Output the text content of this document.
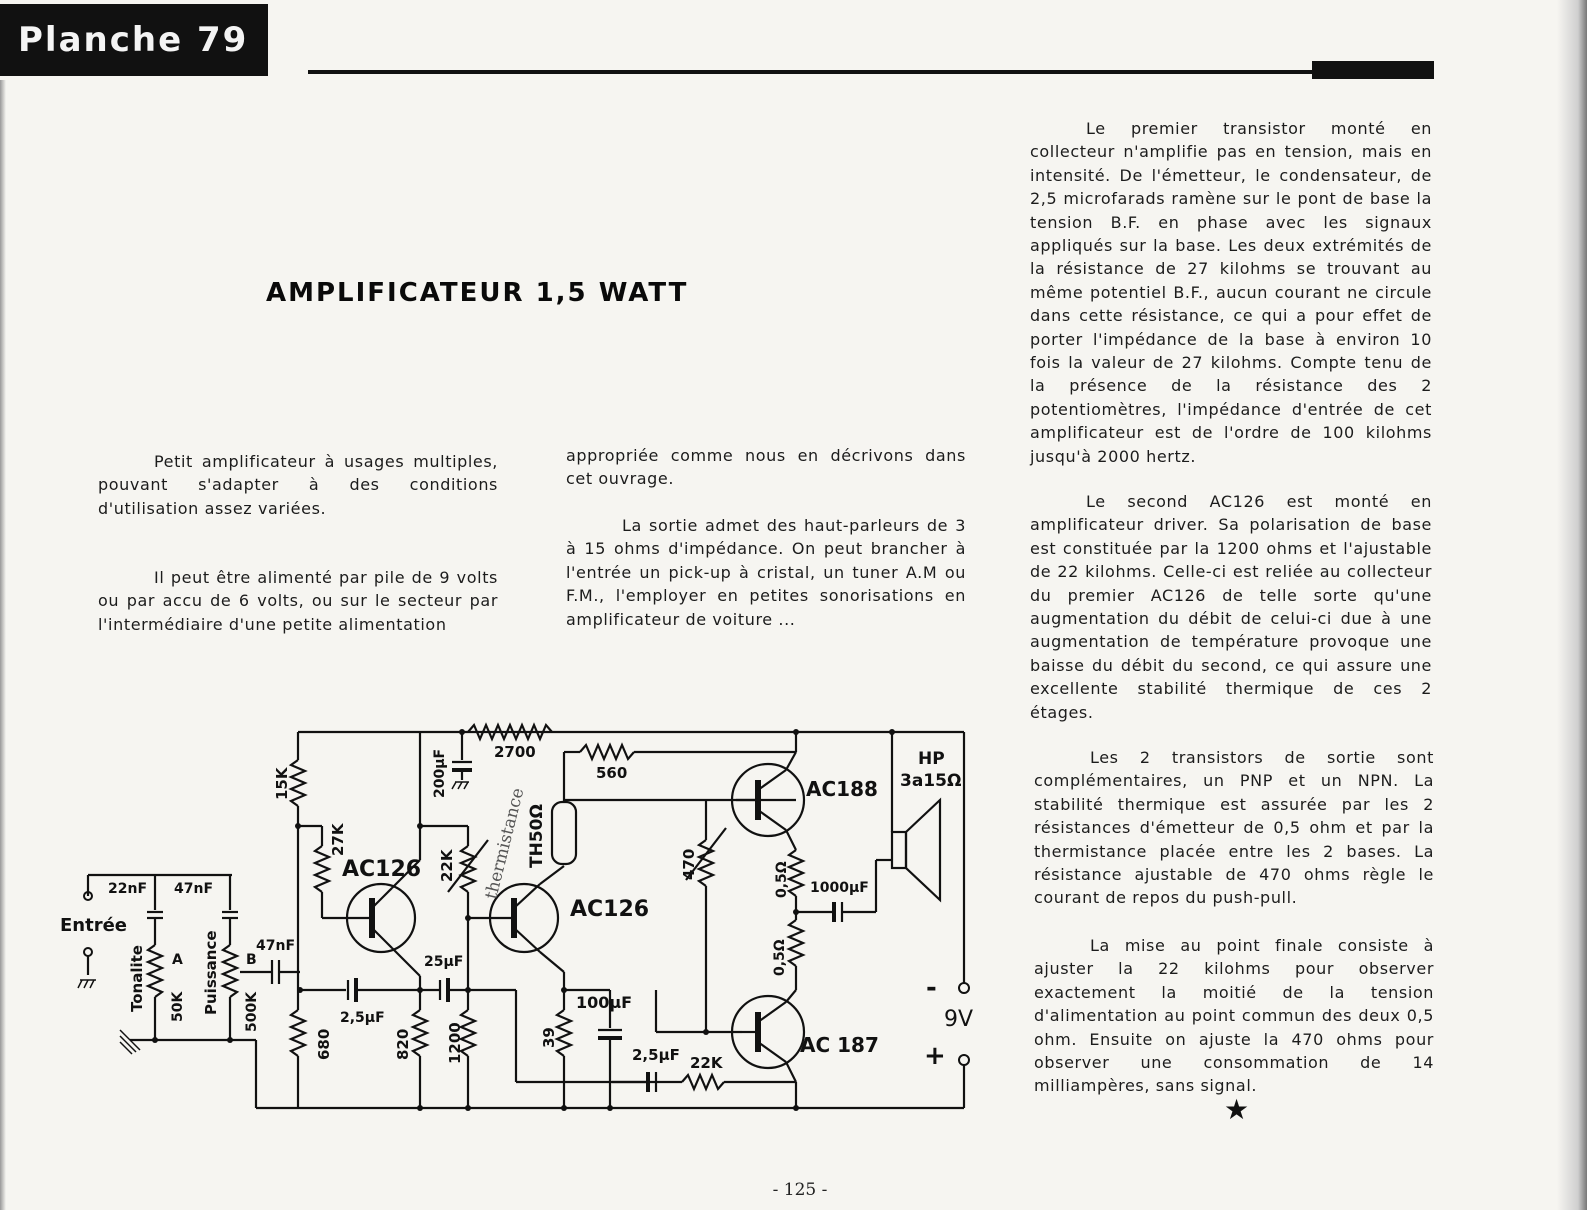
Planche 79
AMPLIFICATEUR 1,5 WATT

Petit amplificateur à usages multiples, pouvant s'adapter à des conditions d'utilisation assez variées.

Il peut être alimenté par pile de 9 volts ou par accu de 6 volts, ou sur le secteur par l'intermédiaire d'une petite alimentation

appropriée comme nous en décrivons dans cet ouvrage.

La sortie admet des haut-parleurs de 3 à 15 ohms d'impédance. On peut brancher à l'entrée un pick-up à cristal, un tuner A.M ou F.M., l'employer en petites sonorisations en amplificateur de voiture ...

Le premier transistor monté en collecteur n'amplifie pas en tension, mais en intensité. De l'émetteur, le condensateur, de 2,5 microfarads ramène sur le pont de base la tension B.F. en phase avec les signaux appliqués sur la base. Les deux extrémités de la résistance de 27 kilohms se trouvant au même potentiel B.F., aucun courant ne circule dans cette résistance, ce qui a pour effet de porter l'impédance de la base à environ 10 fois la valeur de 27 kilohms. Compte tenu de la présence de la résistance des 2 potentiomètres, l'impédance d'entrée de cet amplificateur est de l'ordre de 100 kilohms jusqu'à 2000 hertz.

Le second AC126 est monté en amplificateur driver. Sa polarisation de base est constituée par la 1200 ohms et l'ajustable de 22 kilohms. Celle-ci est reliée au collecteur du premier AC126 de telle sorte qu'une augmentation du débit de celui-ci due à une augmentation de température provoque une baisse du débit du second, ce qui assure une excellente stabilité thermique de ces 2 étages.

Les 2 transistors de sortie sont complémentaires, un PNP et un NPN. La stabilité thermique est assurée par les 2 résistances d'émetteur de 0,5 ohm et par la thermistance placée entre les 2 bases. La résistance ajustable de 470 ohms règle le courant de repos du push-pull.

La mise au point finale consiste à ajuster la 22 kilohms pour observer exactement la moitié de la tension d'alimentation au point commun des deux 0,5 ohm. Ensuite on ajuste la 470 ohms pour observer une consommation de 14 milliampères, sans signal.

Entrée
22nF 47nF
47nF
Tonalite	Puissance
A	B
50K	500K
15K
27K
680
AC126
2,5µF
820
200µF	2700
thermistance
22K
1200
25µF
TH50Ω
AC126
39
100µF
2,5µF 22K
560
470
AC188
AC 187
0,5Ω
0,5Ω
1000µF
HP
3a15Ω
-
+
9V
★
- 125 -
